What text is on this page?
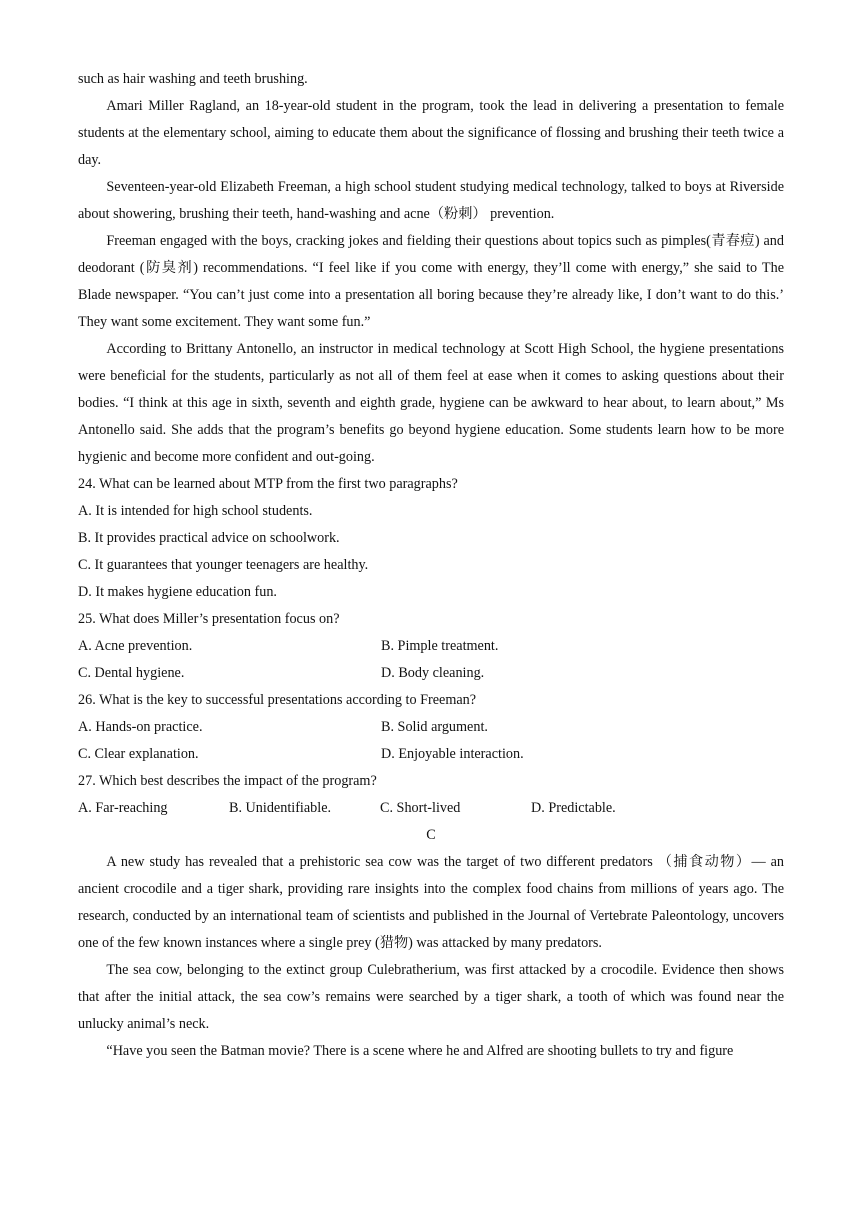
such as hair washing and teeth brushing.

Amari Miller Ragland, an 18-year-old student in the program, took the lead in delivering a presentation to female students at the elementary school, aiming to educate them about the significance of flossing and brushing their teeth twice a day.

Seventeen-year-old Elizabeth Freeman, a high school student studying medical technology, talked to boys at Riverside about showering, brushing their teeth, hand-washing and acne（粉刺） prevention.

Freeman engaged with the boys, cracking jokes and fielding their questions about topics such as pimples(青春痘) and deodorant (防臭剂) recommendations. “I feel like if you come with energy, they’ll come with energy,” she said to The Blade newspaper. “You can’t just come into a presentation all boring because they’re already like, I don’t want to do this.’ They want some excitement. They want some fun.”

According to Brittany Antonello, an instructor in medical technology at Scott High School, the hygiene presentations were beneficial for the students, particularly as not all of them feel at ease when it comes to asking questions about their bodies. “I think at this age in sixth, seventh and eighth grade, hygiene can be awkward to hear about, to learn about,” Ms Antonello said. She adds that the program’s benefits go beyond hygiene education. Some students learn how to be more hygienic and become more confident and out-going.

24. What can be learned about MTP from the first two paragraphs?

A. It is intended for high school students.

B. It provides practical advice on schoolwork.

C. It guarantees that younger teenagers are healthy.

D. It makes hygiene education fun.

25. What does Miller’s presentation focus on?

A. Acne prevention.	B. Pimple treatment.
C. Dental hygiene.	D. Body cleaning.

26. What is the key to successful presentations according to Freeman?

A. Hands-on practice.	B. Solid argument.
C. Clear explanation.	D. Enjoyable interaction.

27. Which best describes the impact of the program?

A. Far-reaching	B. Unidentifiable.	C. Short-lived	D. Predictable.

C

A new study has revealed that a prehistoric sea cow was the target of two different predators （捕食动物）— an ancient crocodile and a tiger shark, providing rare insights into the complex food chains from millions of years ago. The research, conducted by an international team of scientists and published in the Journal of Vertebrate Paleontology, uncovers one of the few known instances where a single prey (猎物) was attacked by many predators.

The sea cow, belonging to the extinct group Culebratherium, was first attacked by a crocodile. Evidence then shows that after the initial attack, the sea cow’s remains were searched by a tiger shark, a tooth of which was found near the unlucky animal’s neck.

“Have you seen the Batman movie? There is a scene where he and Alfred are shooting bullets to try and figure
